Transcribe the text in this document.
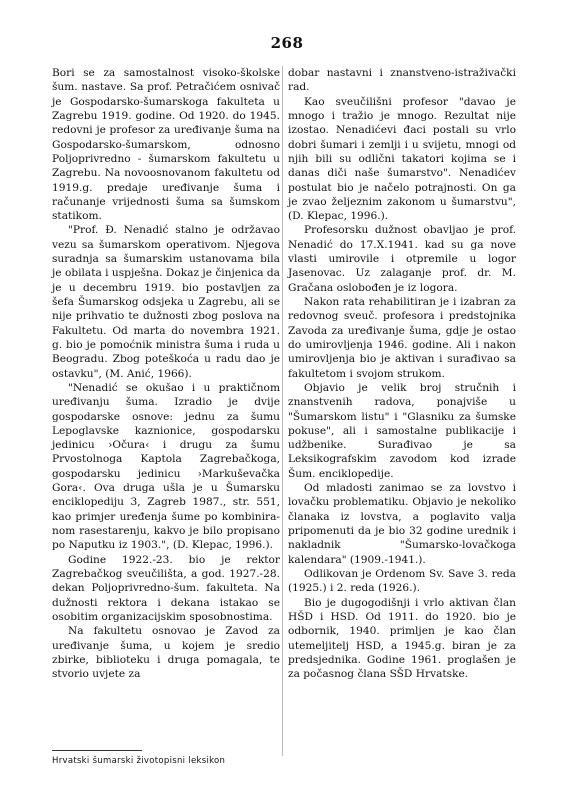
268

Bori se za samostalnost visoko-školske šum. nastave. Sa prof. Petračićem osnivač je Gospodarsko-šumarskoga fakulteta u Zagrebu 1919. godine. Od 1920. do 1945. redovni je profesor za uređivanje šuma na Gospodarsko-šumarskom, odnosno Poljoprivredno - šumarskom fakultetu u Zagrebu. Na novoosnovanom fakultetu od 1919.g. predaje uređivanje šuma i računanje vrijednosti šuma sa šumskom statikom.

"Prof. Đ. Nenadić stalno je održavao vezu sa šumarskom operativom. Njegova suradnja sa šumarskim ustanovama bila je obilata i uspješna. Dokaz je činjenica da je u decembru 1919. bio postavljen za šefa Šumarskog odsjeka u Zagrebu, ali se nije prihvatio te dužnosti zbog poslova na Fakultetu. Od marta do novembra 1921. g. bio je pomoćnik ministra šuma i ruda u Beogradu. Zbog poteškoća u radu dao je ostavku", (M. Anić, 1966).

"Nenadić se okušao i u praktičnom uređivanju šuma. Izradio je dvije gospodarske osnove: jednu za šumu Lepoglavske kaznionice, gospodarsku jedinicu ›Očura‹ i drugu za šumu Prvostolnoga Kaptola Zagrebačkoga, gospodarsku jedinicu ›Markuševačka Gora‹. Ova druga ušla je u Šumarsku enciklopediju 3, Zagreb 1987., str. 551, kao primjer uređenja šume po kombiniranom rasestarenju, kakvo je bilo propisano po Naputku iz 1903.", (D. Klepac, 1996.).

Godine 1922.-23. bio je rektor Zagrebačkog sveučilišta, a god. 1927.-28. dekan Poljoprivredno-šum. fakulteta. Na dužnosti rektora i dekana istakao se osobitim organizacijskim sposobnostima.

Na fakultetu osnovao je Zavod za uređivanje šuma, u kojem je sredio zbirke, biblioteku i druga pomagala, te stvorio uvjete za

dobar nastavni i znanstveno-istraživački rad.

Kao sveučilišni profesor "davao je mnogo i tražio je mnogo. Rezultat nije izostao. Nenadićevi đaci postali su vrlo dobri šumari i zemlji i u svijetu, mnogi od njih bili su odlični takatori kojima se i danas diči naše šumarstvo". Nenadićev postulat bio je načelo potrajnosti. On ga je zvao željeznim zakonom u šumarstvu", (D. Klepac, 1996.).

Profesorsku dužnost obavljao je prof. Nenadić do 17.X.1941. kad su ga nove vlasti umirovile i otpremile u logor Jasenovac. Uz zalaganje prof. dr. M. Gračana oslobođen je iz logora.

Nakon rata rehabilitiran je i izabran za redovnog sveuč. profesora i predstojnika Zavoda za uređivanje šuma, gdje je ostao do umirovljenja 1946. godine. Ali i nakon umirovljenja bio je aktivan i surađivao sa fakultetom i svojom strukom.

Objavio je velik broj stručnih i znanstvenih radova, ponajviše u "Šumarskom listu" i "Glasniku za šumske pokuse", ali i samostalne publikacije i udžbenike. Surađivao je sa Leksikografskim zavodom kod izrade Šum. enciklopedije.

Od mladosti zanimao se za lovstvo i lovačku problematiku. Objavio je nekoliko članaka iz lovstva, a poglavito valja pripomenuti da je bio 32 godine urednik i nakladnik "Šumarsko-lovačkoga kalendara" (1909.-1941.).

Odlikovan je Ordenom Sv. Save 3. reda (1925.) i 2. reda (1926.).

Bio je dugogodišnji i vrlo aktivan član HŠD i HSD. Od 1911. do 1920. bio je odbornik, 1940. primljen je kao član utemeljitelj HSD, a 1945.g. biran je za predsjednika. Godine 1961. proglašen je za počasnog člana SŠD Hrvatske.

Hrvatski šumarski životopisni leksikon
